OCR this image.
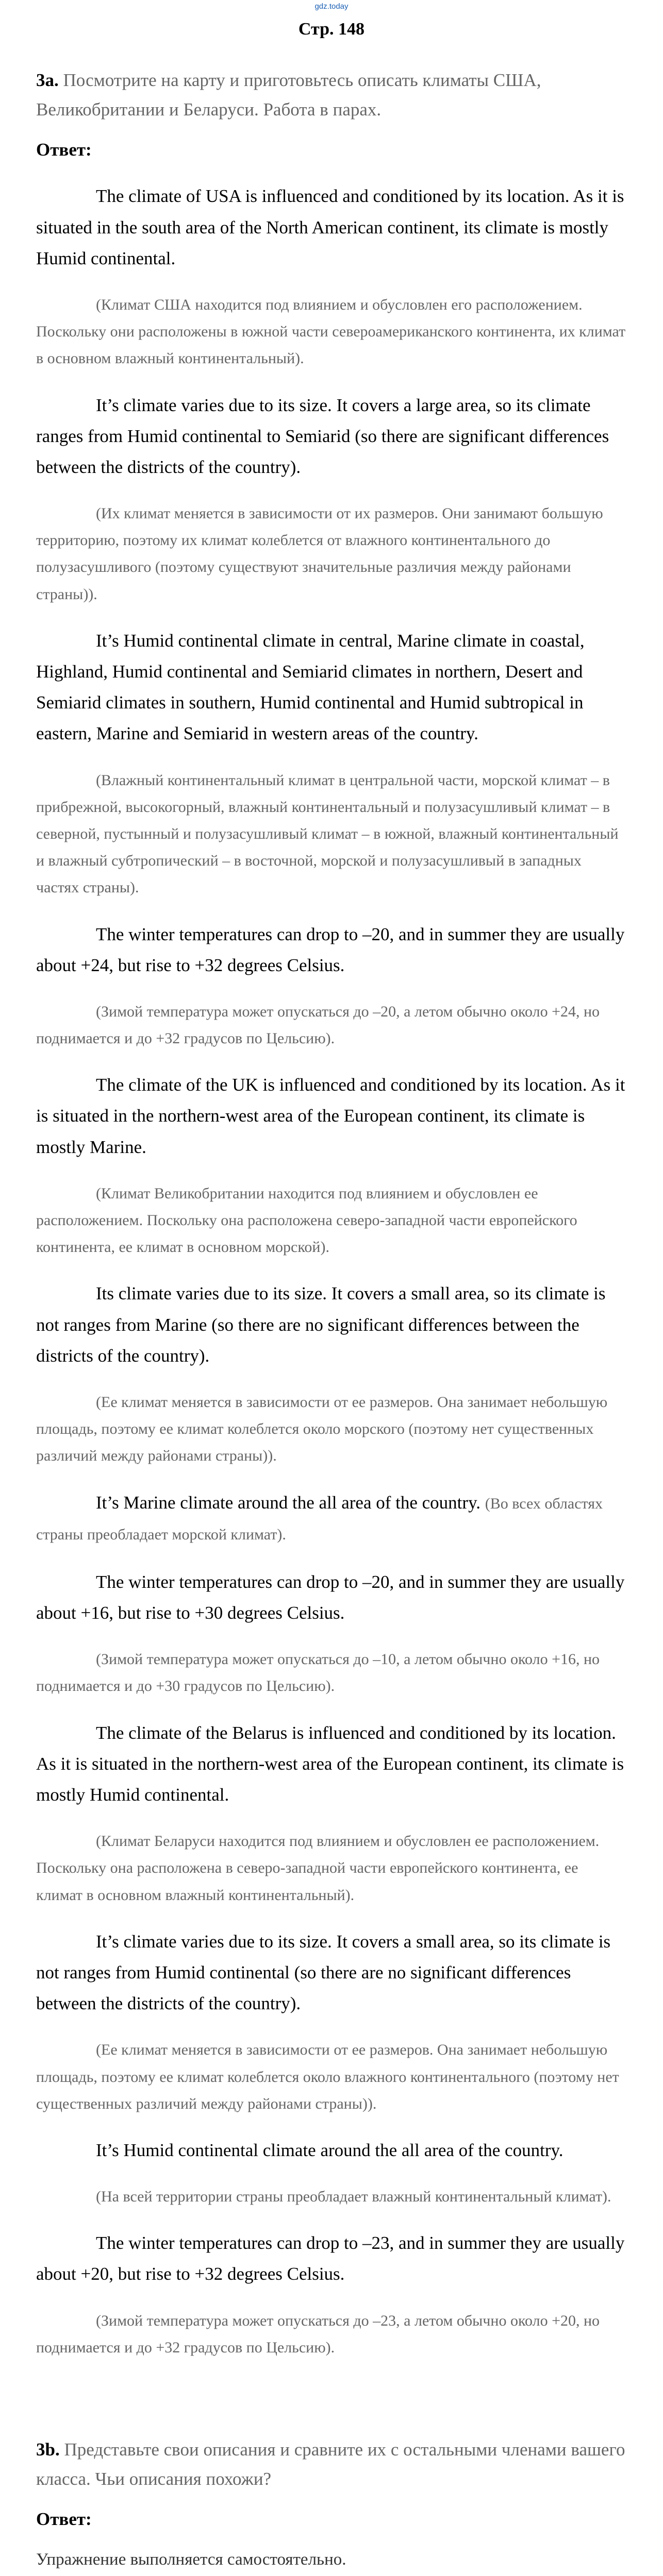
gdz.today
Стр. 148

3a. Посмотрите на карту и приготовьтесь описать климаты США, Великобритании и Беларуси. Работа в парах.

Ответ:

The climate of USA is influenced and conditioned by its location. As it is situated in the south area of the North American continent, its climate is mostly Humid continental.

(Климат США находится под влиянием и обусловлен его расположением. Поскольку они расположены в южной части североамериканского континента, их климат в основном влажный континентальный).

It’s climate varies due to its size. It covers a large area, so its climate ranges from Humid continental to Semiarid (so there are significant differences between the districts of the country).

(Их климат меняется в зависимости от их размеров. Они занимают большую территорию, поэтому их климат колеблется от влажного континентального до полузасушливого (поэтому существуют значительные различия между районами страны)).

It’s Humid continental climate in central, Marine climate in coastal, Highland, Humid continental and Semiarid climates in northern, Desert and Semiarid climates in southern, Humid continental and Humid subtropical in eastern, Marine and Semiarid in western areas of the country.

(Влажный континентальный климат в центральной части, морской климат – в прибрежной, высокогорный, влажный континентальный и полузасушливый климат – в северной, пустынный и полузасушливый климат – в южной, влажный континентальный и влажный субтропический – в восточной, морской и полузасушливый в западных частях страны).

The winter temperatures can drop to –20, and in summer they are usually about +24, but rise to +32 degrees Celsius.

(Зимой температура может опускаться до –20, а летом обычно около +24, но поднимается и до +32 градусов по Цельсию).

The climate of the UK is influenced and conditioned by its location. As it is situated in the northern-west area of the European continent, its climate is mostly Marine.

(Климат Великобритании находится под влиянием и обусловлен ее расположением. Поскольку она расположена северо-западной части европейского континента, ее климат в основном морской).

Its climate varies due to its size. It covers a small area, so its climate is not ranges from Marine (so there are no significant differences between the districts of the country).

(Ее климат меняется в зависимости от ее размеров. Она занимает небольшую площадь, поэтому ее климат колеблется около морского (поэтому нет существенных различий между районами страны)).

It’s Marine climate around the all area of the country. (Во всех областях страны преобладает морской климат).

The winter temperatures can drop to –20, and in summer they are usually about +16, but rise to +30 degrees Celsius.

(Зимой температура может опускаться до –10, а летом обычно около +16, но поднимается и до +30 градусов по Цельсию).

The climate of the Belarus is influenced and conditioned by its location. As it is situated in the northern-west area of the European continent, its climate is mostly Humid continental.

(Климат Беларуси находится под влиянием и обусловлен ее расположением. Поскольку она расположена в северо-западной части европейского континента, ее климат в основном влажный континентальный).

It’s climate varies due to its size. It covers a small area, so its climate is not ranges from Humid continental (so there are no significant differences between the districts of the country).

(Ее климат меняется в зависимости от ее размеров. Она занимает небольшую площадь, поэтому ее климат колеблется около влажного континентального (поэтому нет существенных различий между районами страны)).

It’s Humid continental climate around the all area of the country.

(На всей территории страны преобладает влажный континентальный климат).

The winter temperatures can drop to –23, and in summer they are usually about +20, but rise to +32 degrees Celsius.

(Зимой температура может опускаться до –23, а летом обычно около +20, но поднимается и до +32 градусов по Цельсию).

3b. Представьте свои описания и сравните их с остальными членами вашего класса. Чьи описания похожи?

Ответ:

Упражнение выполняется самостоятельно.
